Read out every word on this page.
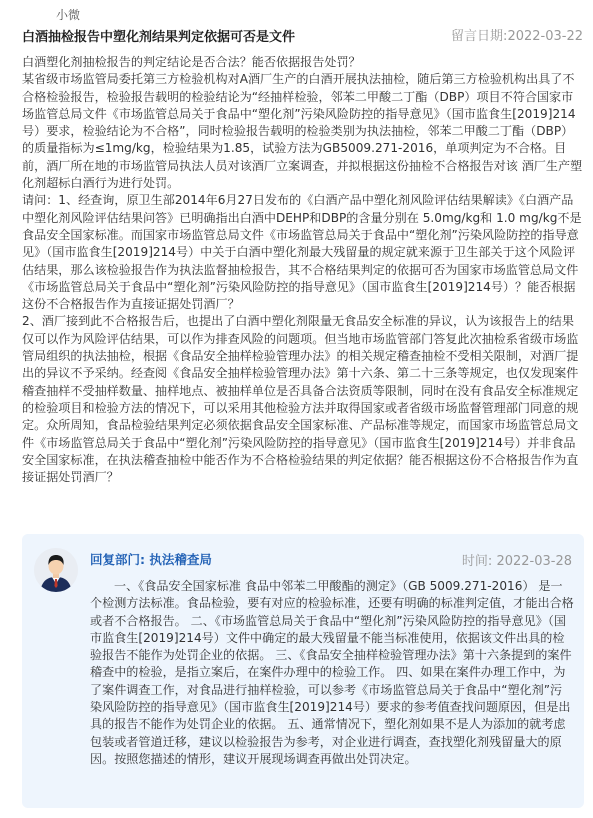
小微
白酒抽检报告中塑化剂结果判定依据可否是文件	留言日期:2022-03-22

白酒塑化剂抽检报告的判定结论是否合法？能否依据报告处罚？

某省级市场监管局委托第三方检验机构对A酒厂生产的白酒开展执法抽检，随后第三方检验机构出具了不合格检验报告，检验报告载明的检验结论为“经抽样检验，邻苯二甲酸二丁酯（DBP）项目不符合国家市场监管总局文件《市场监管总局关于食品中“塑化剂”污染风险防控的指导意见》（国市监食生[2019]214号）要求，检验结论为不合格”，同时检验报告载明的检验类别为执法抽检，邻苯二甲酸二丁酯（DBP）的质量指标为≤1mg/kg，检验结果为1.85，试验方法为GB5009.271-2016，单项判定为不合格。目前，酒厂所在地的市场监管局执法人员对该酒厂立案调查，并拟根据这份抽检不合格报告对该 酒厂生产塑化剂超标白酒行为进行处罚。

请问：1、经查询，原卫生部2014年6月27日发布的《白酒产品中塑化剂风险评估结果解读》《白酒产品中塑化剂风险评估结果问答》已明确指出白酒中DEHP和DBP的含量分别在 5.0mg/kg和 1.0 mg/kg不是食品安全国家标准。而国家市场监管总局文件《市场监管总局关于食品中“塑化剂”污染风险防控的指导意见》（国市监食生[2019]214号）中关于白酒中塑化剂最大残留量的规定就来源于卫生部关于这个风险评估结果，那么该检验报告作为执法监督抽检报告，其不合格结果判定的依据可否为国家市场监管总局文件《市场监管总局关于食品中“塑化剂”污染风险防控的指导意见》（国市监食生[2019]214号）？能否根据这份不合格报告作为直接证据处罚酒厂？

2、酒厂接到此不合格报告后，也提出了白酒中塑化剂限量无食品安全标准的异议，认为该报告上的结果仅可以作为风险评估结果，可以作为排查风险的问题项。但当地市场监管部门答复此次抽检系省级市场监管局组织的执法抽检，根据《食品安全抽样检验管理办法》的相关规定稽查抽检不受相关限制，对酒厂提出的异议不予采纳。经查阅《食品安全抽样检验管理办法》第十六条、第二十三条等规定，也仅发现案件稽查抽样不受抽样数量、抽样地点、被抽样单位是否具备合法资质等限制，同时在没有食品安全标准规定的检验项目和检验方法的情况下，可以采用其他检验方法并取得国家或者省级市场监督管理部门同意的规定。众所周知，食品检验结果判定必须依据食品安全国家标准、产品标准等规定，而国家市场监管总局文件《市场监管总局关于食品中“塑化剂”污染风险防控的指导意见》（国市监食生[2019]214号）并非食品安全国家标准，在执法稽查抽检中能否作为不合格检验结果的判定依据？能否根据这份不合格报告作为直接证据处罚酒厂？

回复部门: 执法稽查局	时间: 2022-03-28
一、《食品安全国家标准 食品中邻苯二甲酸酯的测定》（GB 5009.271-2016） 是一个检测方法标准。食品检验，要有对应的检验标准，还要有明确的标准判定值，才能出合格或者不合格报告。 二、《市场监管总局关于食品中“塑化剂”污染风险防控的指导意见》（国市监食生[2019]214号）文件中确定的最大残留量不能当标准使用，依据该文件出具的检验报告不能作为处罚企业的依据。 三、《食品安全抽样检验管理办法》第十六条提到的案件稽查中的检验，是指立案后，在案件办理中的检验工作。 四、如果在案件办理工作中，为了案件调查工作，对食品进行抽样检验，可以参考《市场监管总局关于食品中“塑化剂”污染风险防控的指导意见》（国市监食生[2019]214号）要求的参考值查找问题原因，但是出具的报告不能作为处罚企业的依据。 五、通常情况下，塑化剂如果不是人为添加的就考虑包装或者管道迁移，建议以检验报告为参考，对企业进行调查，查找塑化剂残留量大的原因。按照您描述的情形，建议开展现场调查再做出处罚决定。
